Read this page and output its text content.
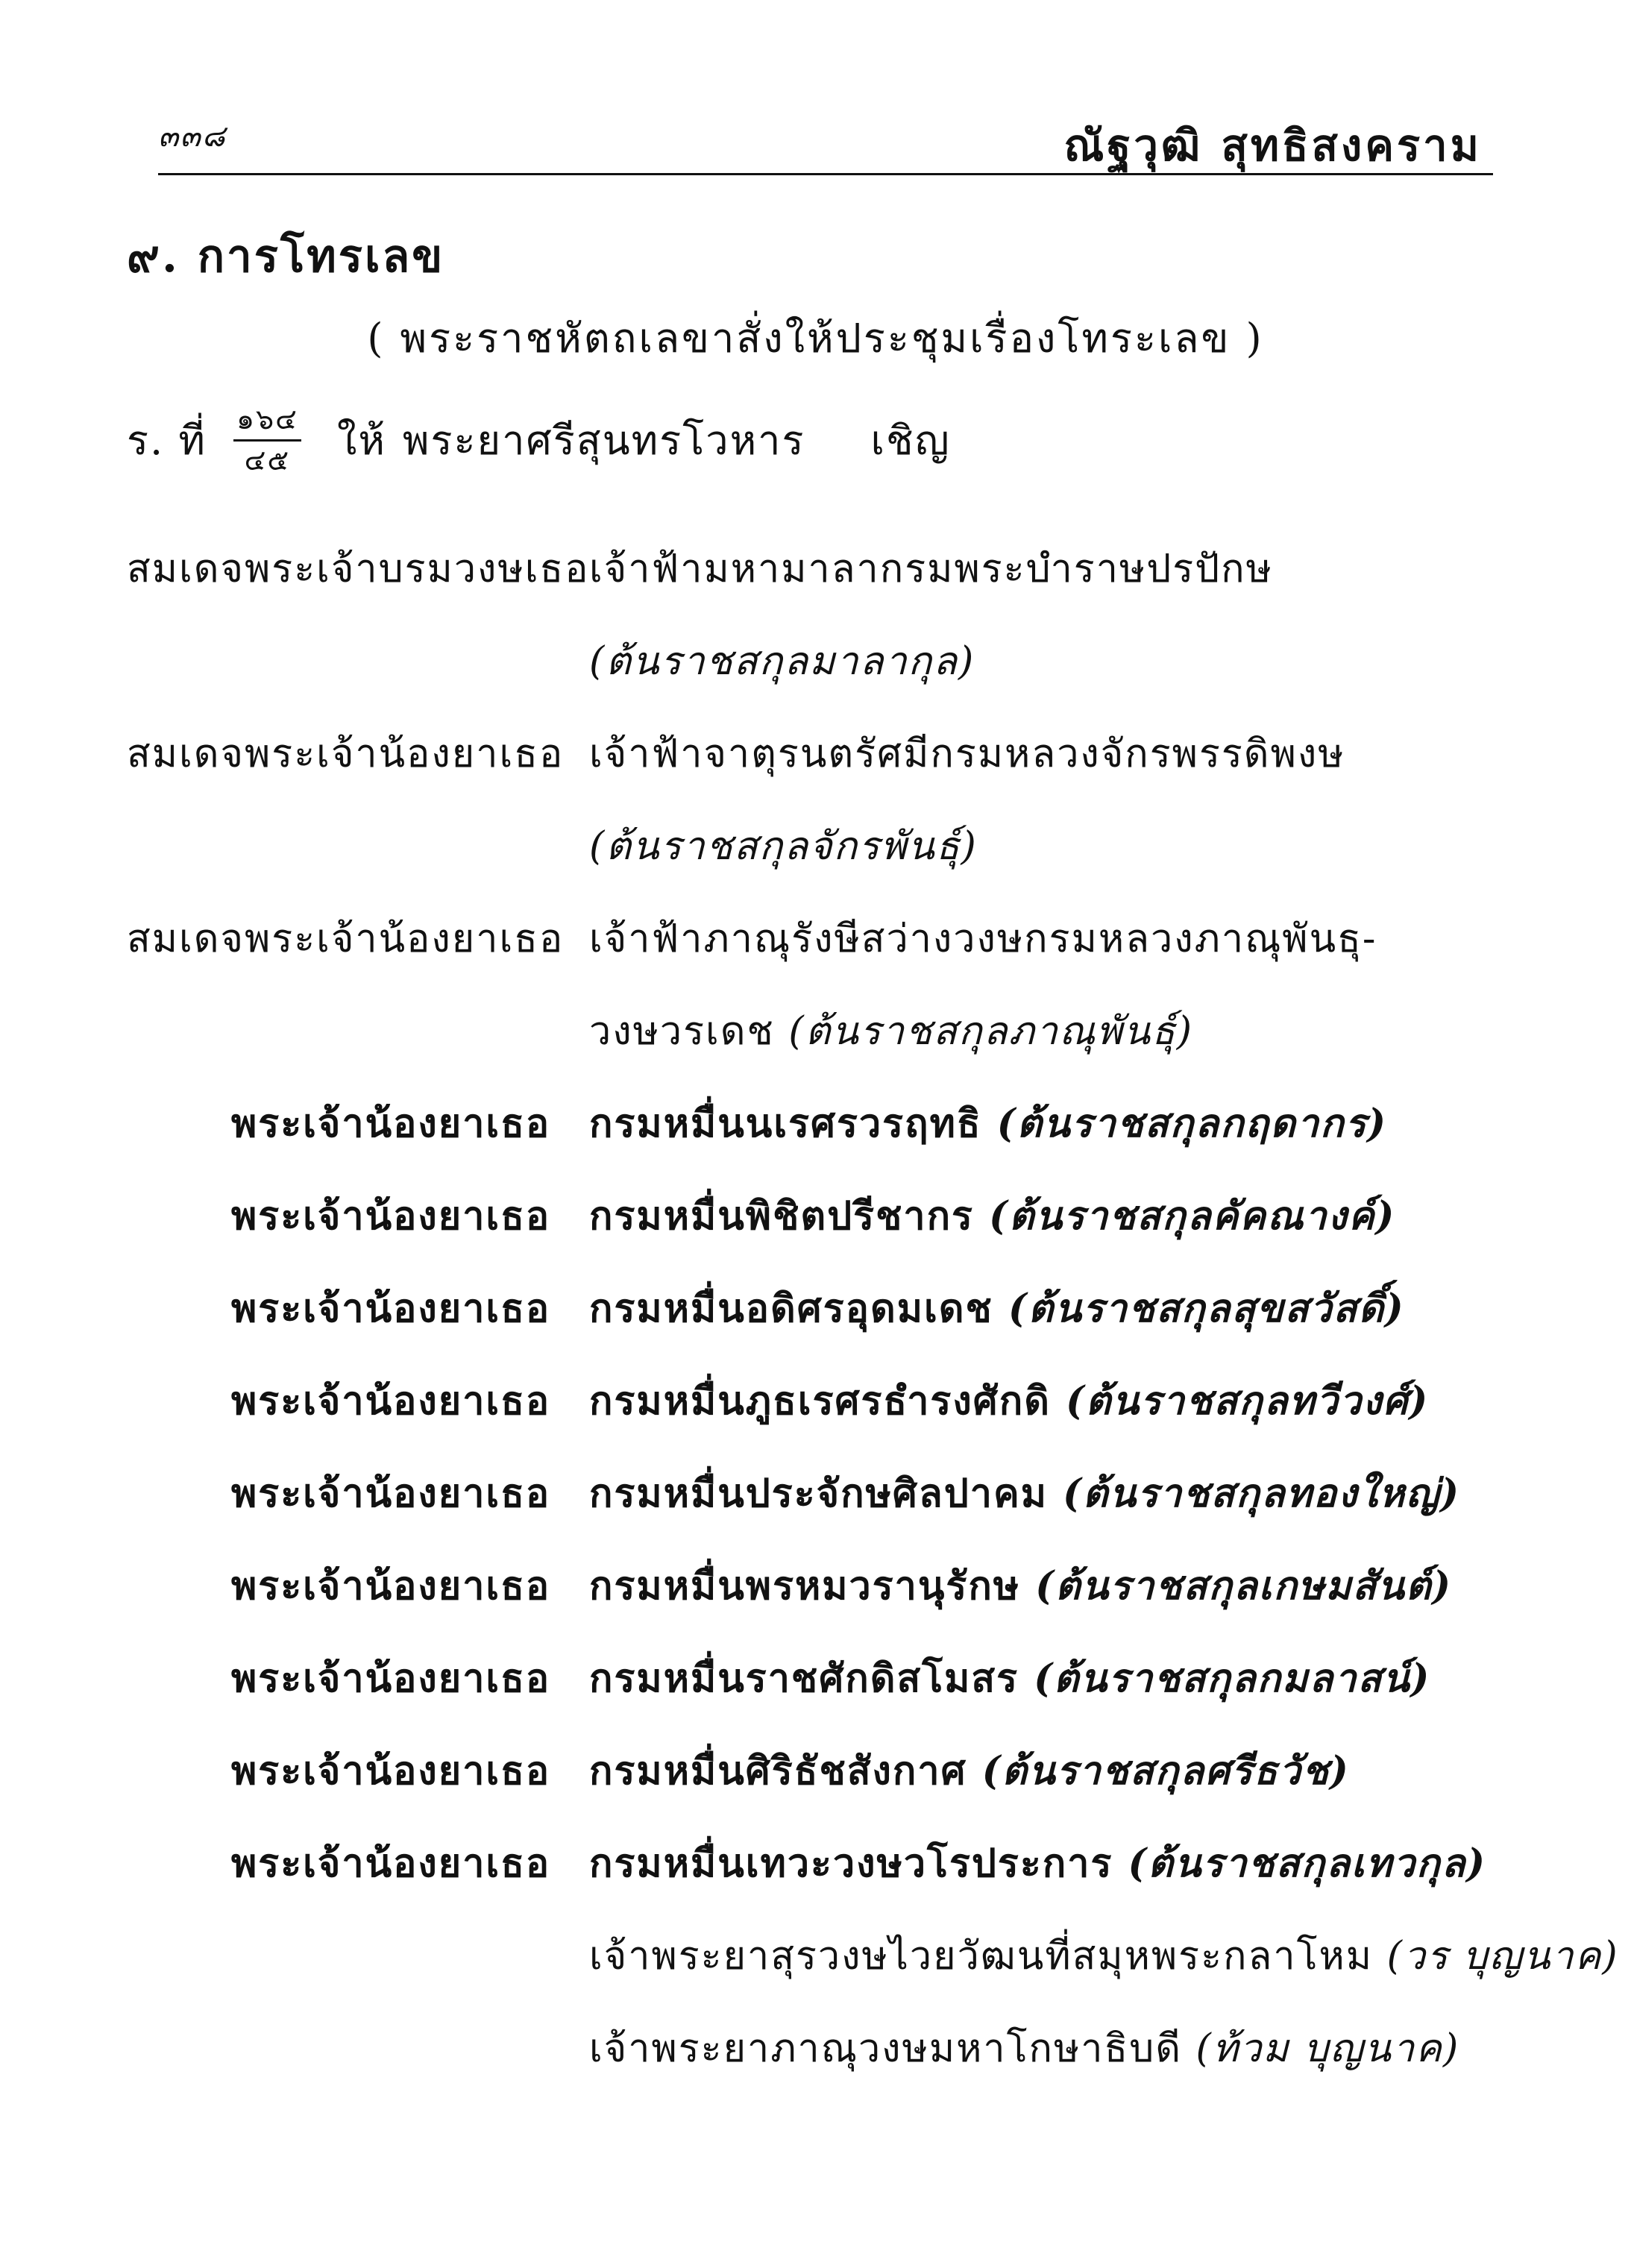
๓๓๘	ณัฐวุฒิ สุทธิสงคราม
๙. การโทรเลข
( พระราชหัตถเลขาสั่งให้ประชุมเรื่องโทระเลข )
ร. ที่ $\frac{๑๖๔}{๔๕}$ ให้ พระยาศรีสุนทรโวหาร เชิญ
สมเดจพระเจ้าบรมวงษเธอ เจ้าฟ้ามหามาลากรมพระบำราษปรปักษ
(ต้นราชสกุลมาลากุล)
สมเดจพระเจ้าน้องยาเธอ เจ้าฟ้าจาตุรนตรัศมีกรมหลวงจักรพรรดิพงษ
(ต้นราชสกุลจักรพันธุ์)
สมเดจพระเจ้าน้องยาเธอ เจ้าฟ้าภาณุรังษีสว่างวงษกรมหลวงภาณุพันธุ-
วงษวรเดช (ต้นราชสกุลภาณุพันธุ์)
พระเจ้าน้องยาเธอ กรมหมื่นนเรศรวรฤทธิ (ต้นราชสกุลกฤดากร)
พระเจ้าน้องยาเธอ กรมหมื่นพิชิตปรีชากร (ต้นราชสกุลคัคณางค์)
พระเจ้าน้องยาเธอ กรมหมื่นอดิศรอุดมเดช (ต้นราชสกุลสุขสวัสดิ์)
พระเจ้าน้องยาเธอ กรมหมื่นภูธเรศรธำรงศักดิ (ต้นราชสกุลทวีวงศ์)
พระเจ้าน้องยาเธอ กรมหมื่นประจักษศิลปาคม (ต้นราชสกุลทองใหญ่)
พระเจ้าน้องยาเธอ กรมหมื่นพรหมวรานุรักษ (ต้นราชสกุลเกษมสันต์)
พระเจ้าน้องยาเธอ กรมหมื่นราชศักดิสโมสร (ต้นราชสกุลกมลาสน์)
พระเจ้าน้องยาเธอ กรมหมื่นศิริธัชสังกาศ (ต้นราชสกุลศรีธวัช)
พระเจ้าน้องยาเธอ กรมหมื่นเทวะวงษวโรประการ (ต้นราชสกุลเทวกุล)
เจ้าพระยาสุรวงษไวยวัฒนที่สมุหพระกลาโหม (วร บุญนาค)
เจ้าพระยาภาณุวงษมหาโกษาธิบดี (ท้วม บุญนาค)
